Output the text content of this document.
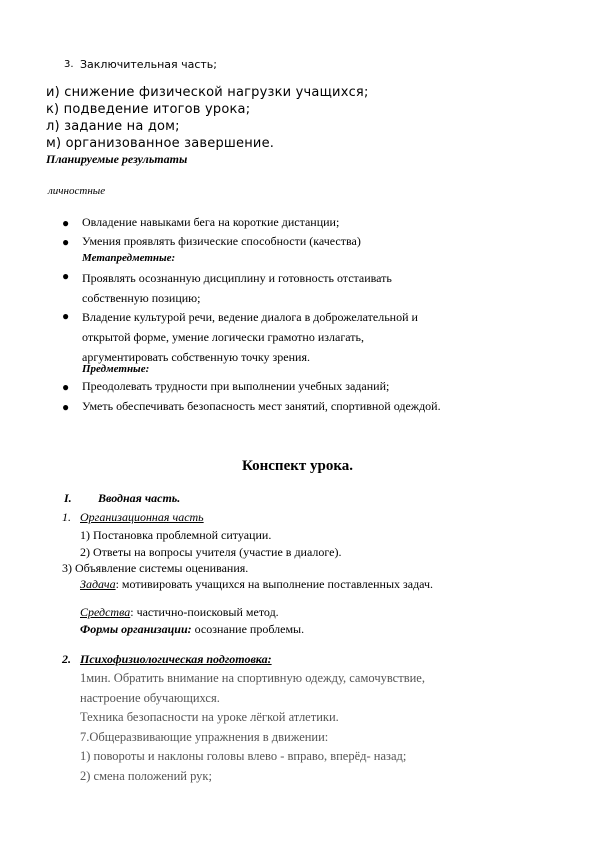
3. Заключительная часть;
и) снижение физической нагрузки учащихся;
к) подведение итогов урока;
л) задание на дом;
м) организованное завершение.
Планируемые результаты
личностные
● Овладение навыками бега на короткие дистанции;
● Умения проявлять физические способности (качества)
Метапредметные:
● Проявлять осознанную дисциплину и готовность отстаивать
собственную позицию;
● Владение культурой речи, ведение диалога в доброжелательной и
открытой форме, умение логически грамотно излагать,
аргументировать собственную точку зрения.
Предметные:
● Преодолевать трудности при выполнении учебных заданий;
● Уметь обеспечивать безопасность мест занятий, спортивной одеждой.
Конспект урока.
I. Вводная часть.
1. Организационная часть
1) Постановка проблемной ситуации.
2) Ответы на вопросы учителя (участие в диалоге).
3) Объявление системы оценивания.
Задача: мотивировать учащихся на выполнение поставленных задач.
Средства: частично-поисковый метод.
Формы организации: осознание проблемы.
2. Психофизиологическая подготовка:
1мин. Обратить внимание на спортивную одежду, самочувствие,
настроение обучающихся.
Техника безопасности на уроке лёгкой атлетики.
7.Общеразвивающие упражнения в движении:
1) повороты и наклоны головы влево - вправо, вперёд- назад;
2) смена положений рук;
